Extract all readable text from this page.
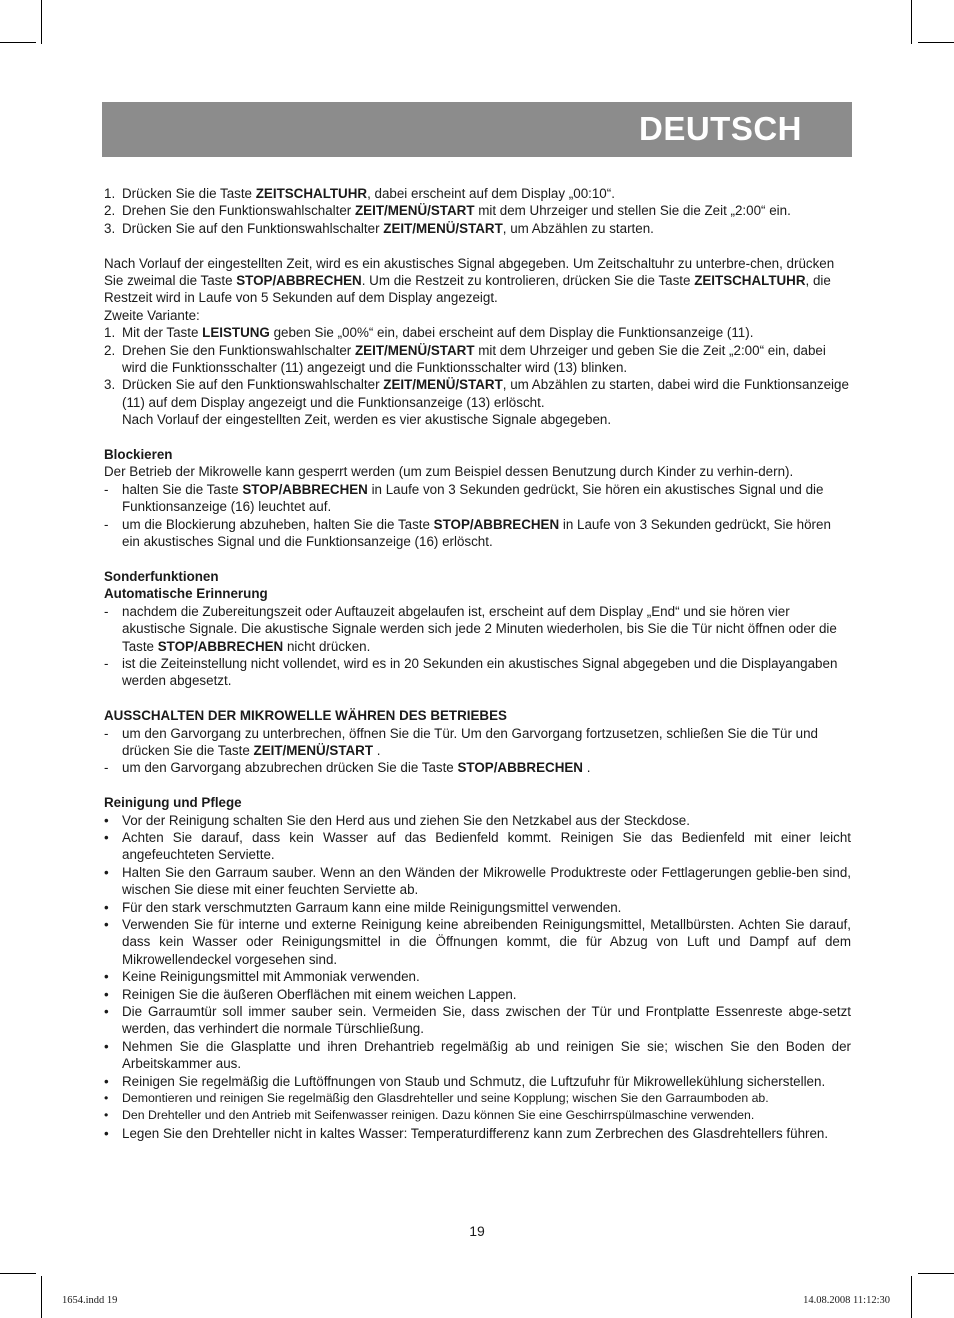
DEUTSCH
1. Drücken Sie die Taste ZEITSCHALTUHR, dabei erscheint auf dem Display „00:10“.
2. Drehen Sie den Funktionswahlschalter ZEIT/MENÜ/START mit dem Uhrzeiger und stellen Sie die Zeit „2:00“ ein.
3. Drücken Sie auf den Funktionswahlschalter ZEIT/MENÜ/START, um Abzählen zu starten.
Nach Vorlauf der eingestellten Zeit, wird es ein akustisches Signal abgegeben. Um Zeitschaltuhr zu unterbre-chen, drücken Sie zweimal die Taste STOP/ABBRECHEN. Um die Restzeit zu kontrolieren, drücken Sie die Taste ZEITSCHALTUHR, die Restzeit wird in Laufe von 5 Sekunden auf dem Display angezeigt.
Zweite Variante:
1. Mit der Taste LEISTUNG geben Sie „00%“ ein, dabei erscheint auf dem Display die Funktionsanzeige (11).
2. Drehen Sie den Funktionswahlschalter ZEIT/MENÜ/START mit dem Uhrzeiger und geben Sie die Zeit „2:00“ ein, dabei wird die Funktionsschalter (11) angezeigt und die Funktionsschalter wird (13) blinken.
3. Drücken Sie auf den Funktionswahlschalter ZEIT/MENÜ/START, um Abzählen zu starten, dabei wird die Funktionsanzeige (11) auf dem Display angezeigt und die Funktionsanzeige (13) erlöscht.
Nach Vorlauf der eingestellten Zeit, werden es vier akustische Signale abgegeben.
Blockieren
Der Betrieb der Mikrowelle kann gesperrt werden (um zum Beispiel dessen Benutzung durch Kinder zu verhin-dern).
- halten Sie die Taste STOP/ABBRECHEN in Laufe von 3 Sekunden gedrückt, Sie hören ein akustisches Signal und die Funktionsanzeige (16) leuchtet auf.
- um die Blockierung abzuheben, halten Sie die Taste STOP/ABBRECHEN in Laufe von 3 Sekunden gedrückt, Sie hören ein akustisches Signal und die Funktionsanzeige (16) erlöscht.
Sonderfunktionen
Automatische Erinnerung
- nachdem die Zubereitungszeit oder Auftauzeit abgelaufen ist, erscheint auf dem Display „End“ und sie hören vier akustische Signale. Die akustische Signale werden sich jede 2 Minuten wiederholen, bis Sie die Tür nicht öffnen oder die Taste STOP/ABBRECHEN nicht drücken.
- ist die Zeiteinstellung nicht vollendet, wird es in 20 Sekunden ein akustisches Signal abgegeben und die Displayangaben werden abgesetzt.
AUSSCHALTEN DER MIKROWELLE WÄHREN DES BETRIEBES
- um den Garvorgang zu unterbrechen, öffnen Sie die Tür. Um den Garvorgang fortzusetzen, schließen Sie die Tür und drücken Sie die Taste ZEIT/MENÜ/START .
- um den Garvorgang abzubrechen drücken Sie die Taste STOP/ABBRECHEN .
Reinigung und Pflege
• Vor der Reinigung schalten Sie den Herd aus und ziehen Sie den Netzkabel aus der Steckdose.
• Achten Sie darauf, dass kein Wasser auf das Bedienfeld kommt. Reinigen Sie das Bedienfeld mit einer leicht angefeuchteten Serviette.
• Halten Sie den Garraum sauber. Wenn an den Wänden der Mikrowelle Produktreste oder Fettlagerungen geblie-ben sind, wischen Sie diese mit einer feuchten Serviette ab.
• Für den stark verschmutzten Garraum kann eine milde Reinigungsmittel verwenden.
• Verwenden Sie für interne und externe Reinigung keine abreibenden Reinigungsmittel, Metallbürsten. Achten Sie darauf, dass kein Wasser oder Reinigungsmittel in die Öffnungen kommt, die für Abzug von Luft und Dampf auf dem Mikrowellendeckel vorgesehen sind.
• Keine Reinigungsmittel mit Ammoniak verwenden.
• Reinigen Sie die äußeren Oberflächen mit einem weichen Lappen.
• Die Garraumtür soll immer sauber sein. Vermeiden Sie, dass zwischen der Tür und Frontplatte Essenreste abge-setzt werden, das verhindert die normale Türschließung.
• Nehmen Sie die Glasplatte und ihren Drehantrieb regelmäßig ab und reinigen Sie sie; wischen Sie den Boden der Arbeitskammer aus.
• Reinigen Sie regelmäßig die Luftöffnungen von Staub und Schmutz, die Luftzufuhr für Mikrowellekühlung sicherstellen.
• Demontieren und reinigen Sie regelmäßig den Glasdrehteller und seine Kopplung; wischen Sie den Garraumboden ab.
• Den Drehteller und den Antrieb mit Seifenwasser reinigen. Dazu können Sie eine Geschirrspülmaschine verwenden.
• Legen Sie den Drehteller nicht in kaltes Wasser: Temperaturdifferenz kann zum Zerbrechen des Glasdrehtellers führen.
19
1654.indd 19	14.08.2008 11:12:30
